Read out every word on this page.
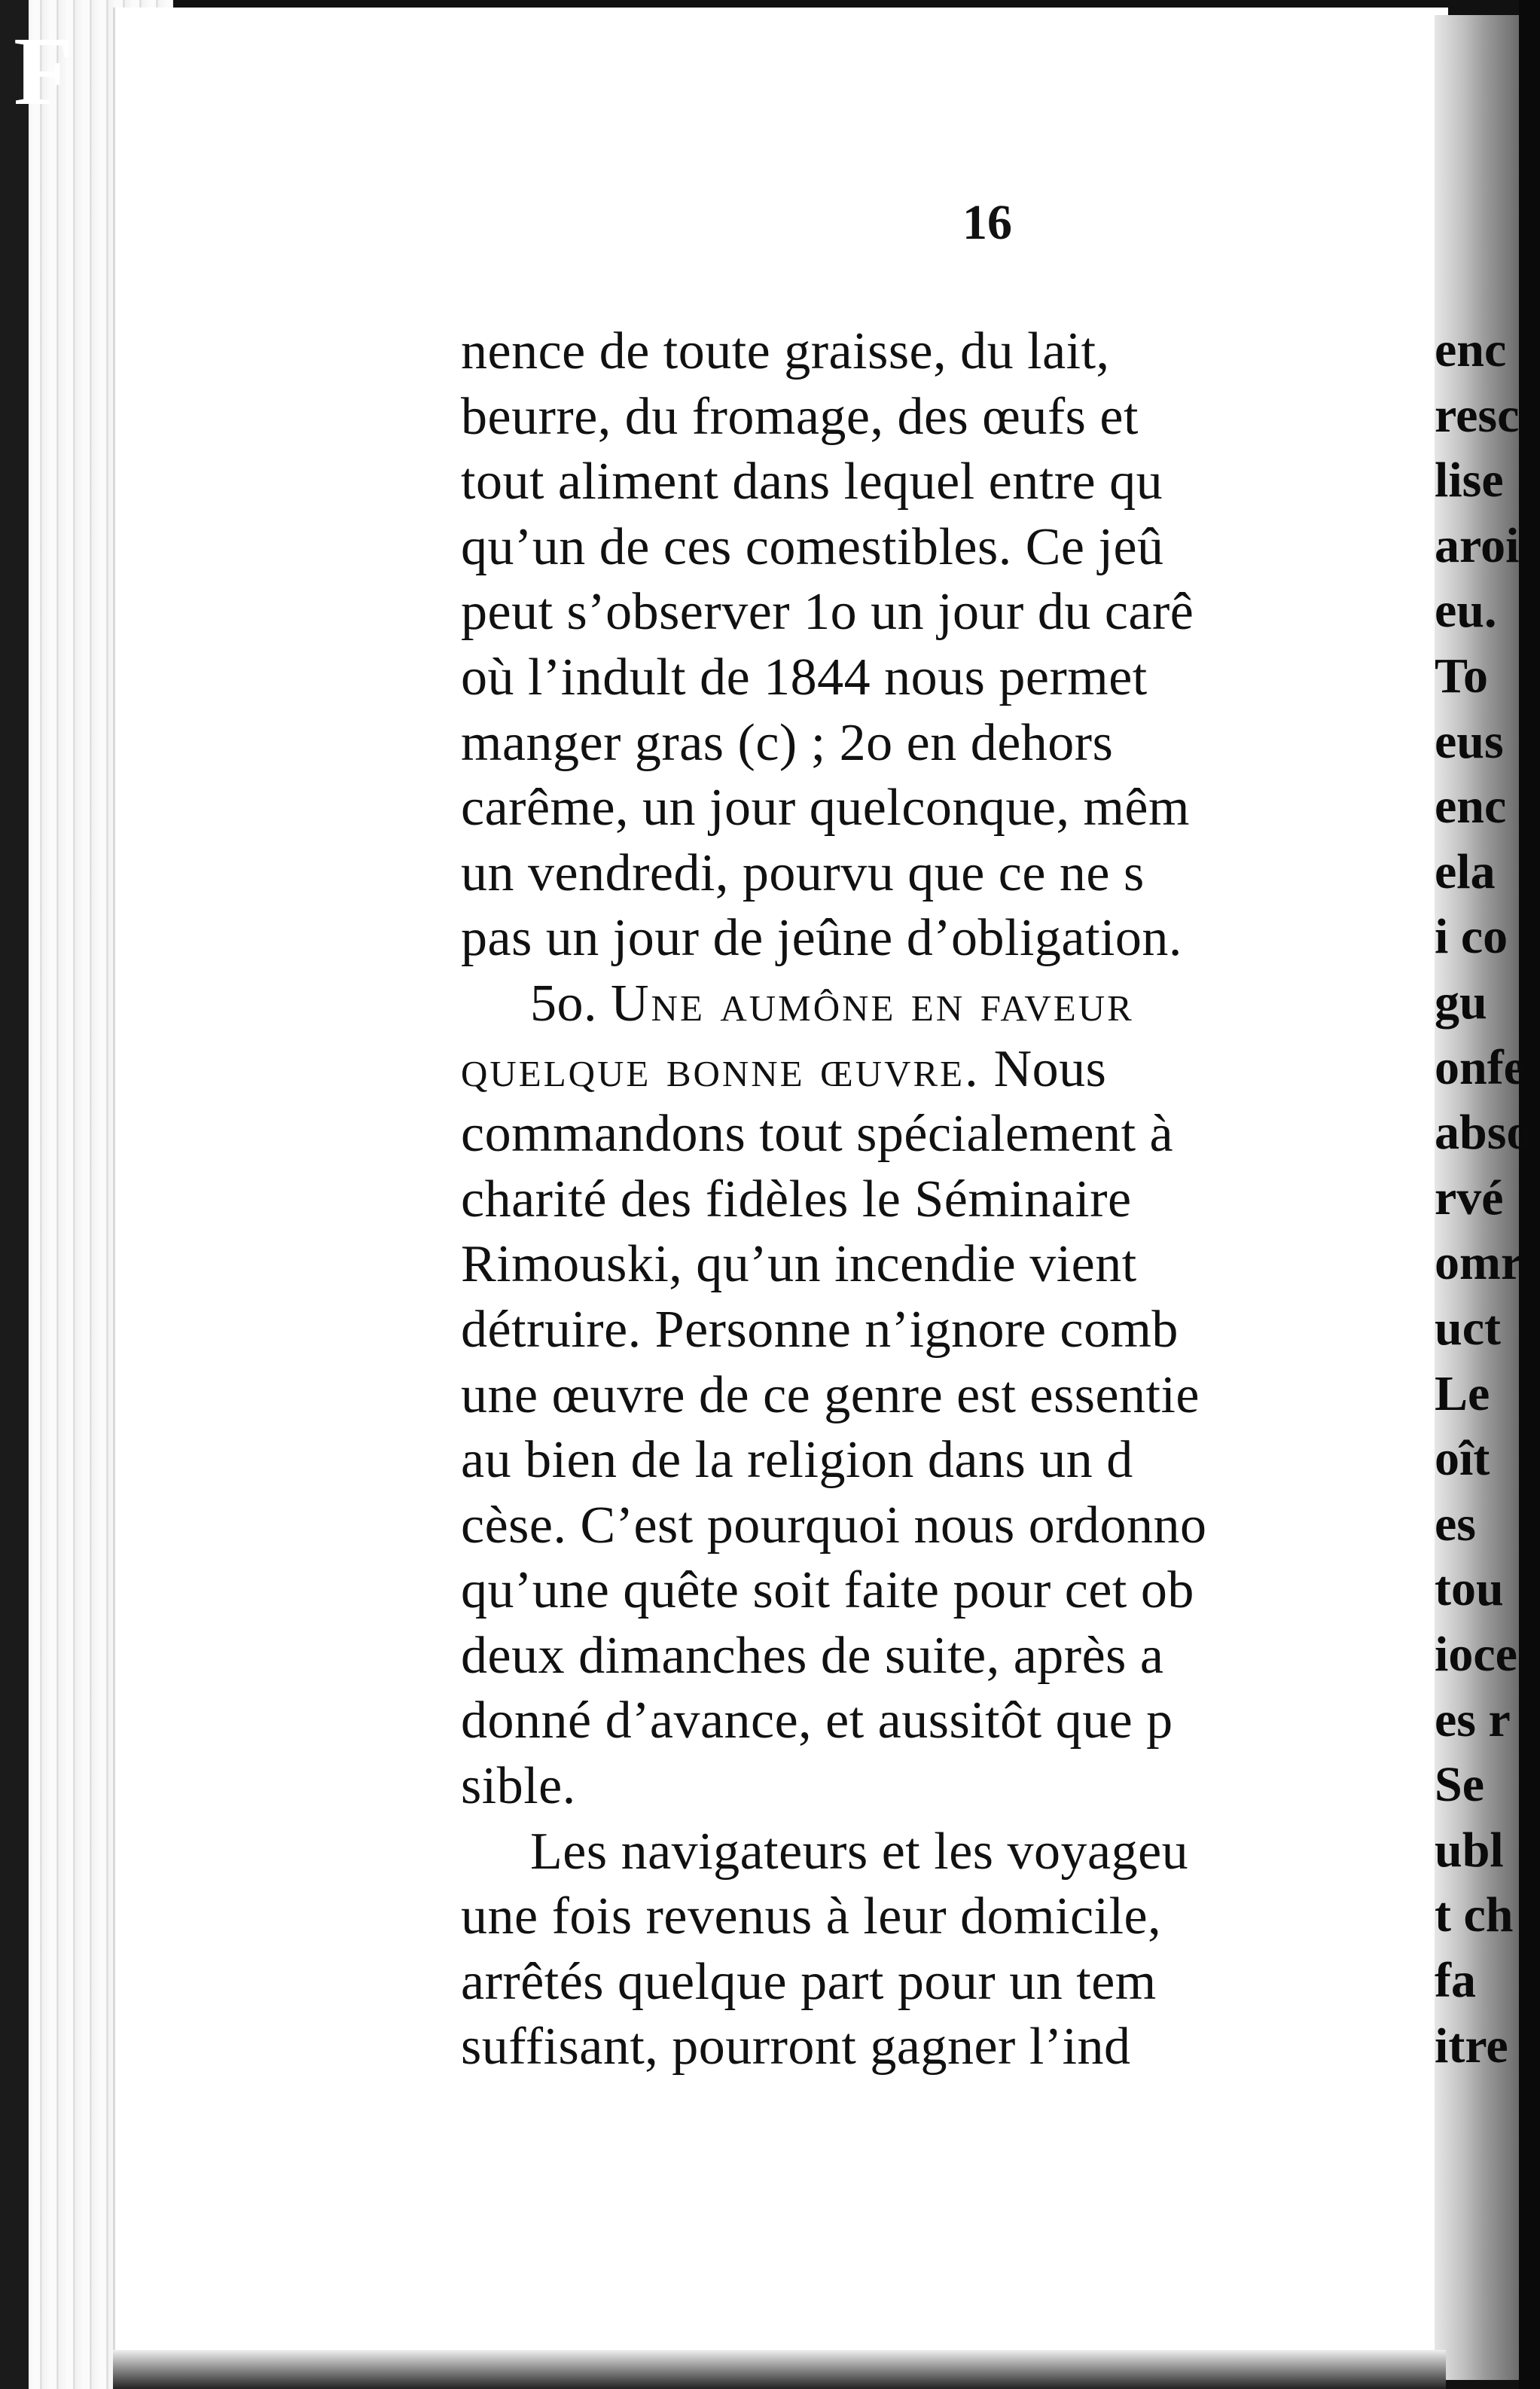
F
16
nence de toute graisse, du lait,
beurre, du fromage, des œufs et
tout aliment dans lequel entre qu
qu’un de ces comestibles. Ce jeû
peut s’observer 1o un jour du carê
où l’indult de 1844 nous permet
manger gras (c) ; 2o en dehors
carême, un jour quelconque, mêm
un vendredi, pourvu que ce ne s
pas un jour de jeûne d’obligation.
5o. Une aumône en faveur
quelque bonne œuvre. Nous
commandons tout spécialement à
charité des fidèles le Séminaire
Rimouski, qu’un incendie vient
détruire. Personne n’ignore comb
une œuvre de ce genre est essentie
au bien de la religion dans un d
cèse. C’est pourquoi nous ordonno
qu’une quête soit faite pour cet ob
deux dimanches de suite, après a
donné d’avance, et aussitôt que p
sible.
Les navigateurs et les voyageu
une fois revenus à leur domicile,
arrêtés quelque part pour un tem
suffisant, pourront gagner l’ind
enc
resc
lise
aroi
eu.
To
eus
enc
ela
i co
gu
onfe
abso
rvé
omr
uct
Le
oît
es
tou
ioce
es r
Se
ubl
t ch
fa
itre
